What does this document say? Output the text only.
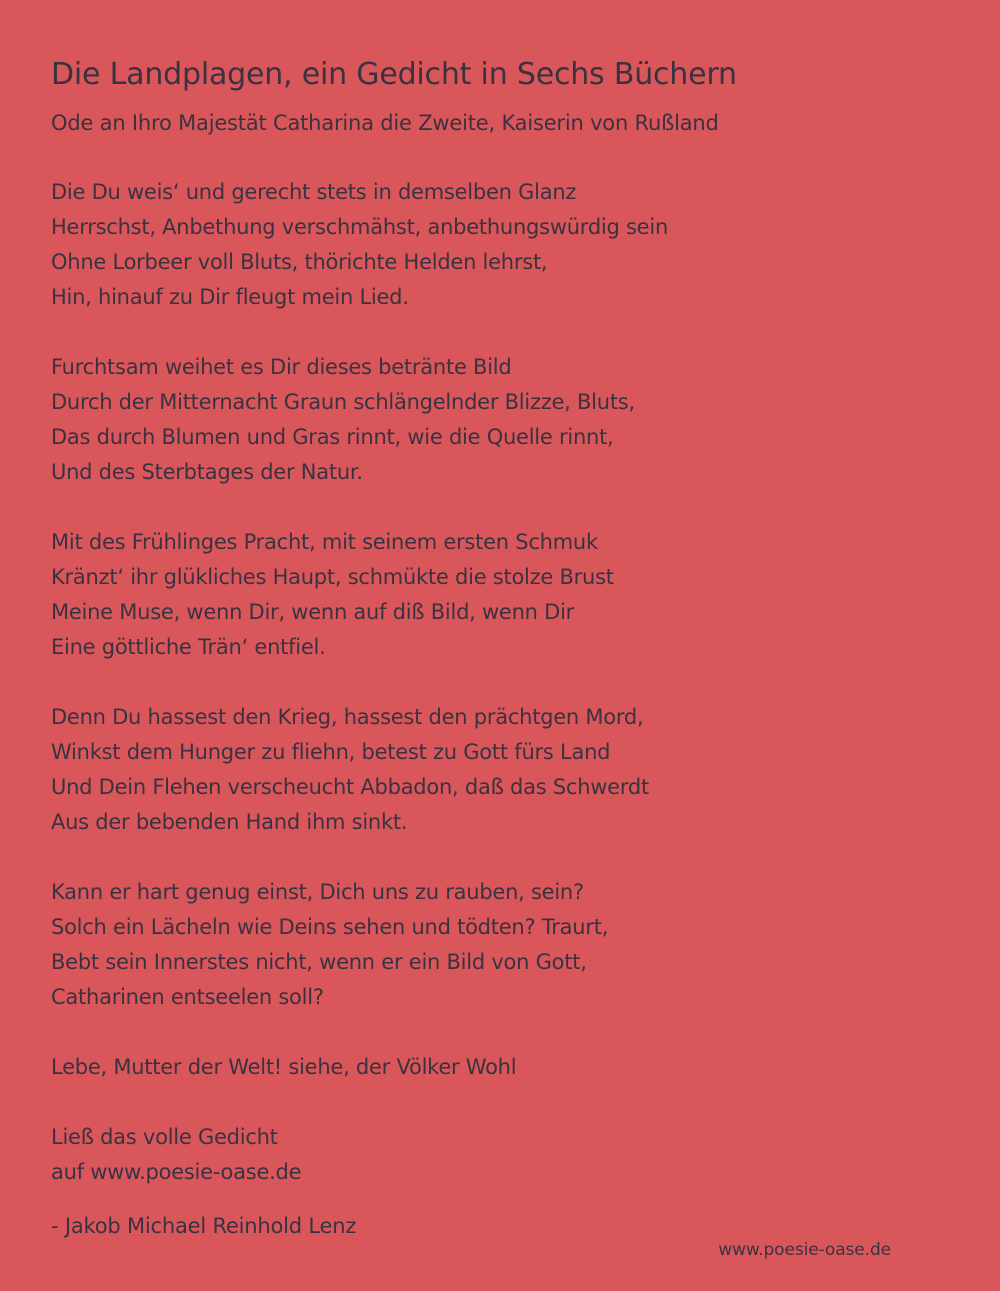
Die Landplagen, ein Gedicht in Sechs Büchern
Ode an Ihro Majestät Catharina die Zweite, Kaiserin von Rußland
Die Du weis‘ und gerecht stets in demselben Glanz
Herrschst, Anbethung verschmähst, anbethungswürdig sein
Ohne Lorbeer voll Bluts, thörichte Helden lehrst,
Hin, hinauf zu Dir fleugt mein Lied.
Furchtsam weihet es Dir dieses betränte Bild
Durch der Mitternacht Graun schlängelnder Blizze, Bluts,
Das durch Blumen und Gras rinnt, wie die Quelle rinnt,
Und des Sterbtages der Natur.
Mit des Frühlinges Pracht, mit seinem ersten Schmuk
Kränzt‘ ihr glükliches Haupt, schmükte die stolze Brust
Meine Muse, wenn Dir, wenn auf diß Bild, wenn Dir
Eine göttliche Trän‘ entfiel.
Denn Du hassest den Krieg, hassest den prächtgen Mord,
Winkst dem Hunger zu fliehn, betest zu Gott fürs Land
Und Dein Flehen verscheucht Abbadon, daß das Schwerdt
Aus der bebenden Hand ihm sinkt.
Kann er hart genug einst, Dich uns zu rauben, sein?
Solch ein Lächeln wie Deins sehen und tödten? Traurt,
Bebt sein Innerstes nicht, wenn er ein Bild von Gott,
Catharinen entseelen soll?
Lebe, Mutter der Welt! siehe, der Völker Wohl
Ließ das volle Gedicht
auf www.poesie-oase.de
- Jakob Michael Reinhold Lenz
www.poesie-oase.de
